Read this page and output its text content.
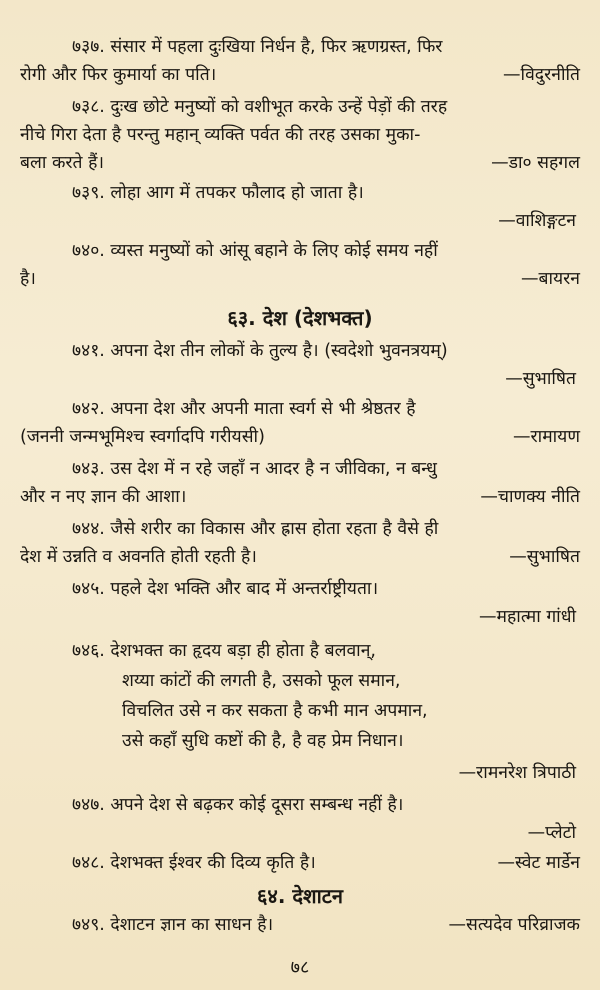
७३७. संसार में पहला दुःखिया निर्धन है, फिर ऋणग्रस्त, फिर
रोगी और फिर कुमार्या का पति।	—विदुरनीति
७३८. दुःख छोटे मनुष्यों को वशीभूत करके उन्हें पेड़ों की तरह
नीचे गिरा देता है परन्तु महान् व्यक्ति पर्वत की तरह उसका मुका-
बला करते हैं।	—डा० सहगल
७३९. लोहा आग में तपकर फौलाद हो जाता है।
—वाशिङ्गटन
७४०. व्यस्त मनुष्यों को आंसू बहाने के लिए कोई समय नहीं
है।	—बायरन
६३. देश (देशभक्त)
७४१. अपना देश तीन लोकों के तुल्य है। (स्वदेशो भुवनत्रयम्)
—सुभाषित
७४२. अपना देश और अपनी माता स्वर्ग से भी श्रेष्ठतर है
(जननी जन्मभूमिश्च स्वर्गादपि गरीयसी)	—रामायण
७४३. उस देश में न रहे जहाँ न आदर है न जीविका, न बन्धु
और न नए ज्ञान की आशा।	—चाणक्य नीति
७४४. जैसे शरीर का विकास और ह्रास होता रहता है वैसे ही
देश में उन्नति व अवनति होती रहती है।	—सुभाषित
७४५. पहले देश भक्ति और बाद में अन्तर्राष्ट्रीयता।
—महात्मा गांधी
७४६. देशभक्त का हृदय बड़ा ही होता है बलवान्,
शय्या कांटों की लगती है, उसको फूल समान,
विचलित उसे न कर सकता है कभी मान अपमान,
उसे कहाँ सुधि कष्टों की है, है वह प्रेम निधान।
—रामनरेश त्रिपाठी
७४७. अपने देश से बढ़कर कोई दूसरा सम्बन्ध नहीं है।
—प्लेटो
७४८. देशभक्त ईश्वर की दिव्य कृति है।	—स्वेट मार्डेन
६४. देशाटन
७४९. देशाटन ज्ञान का साधन है।	—सत्यदेव परिव्राजक
७८
